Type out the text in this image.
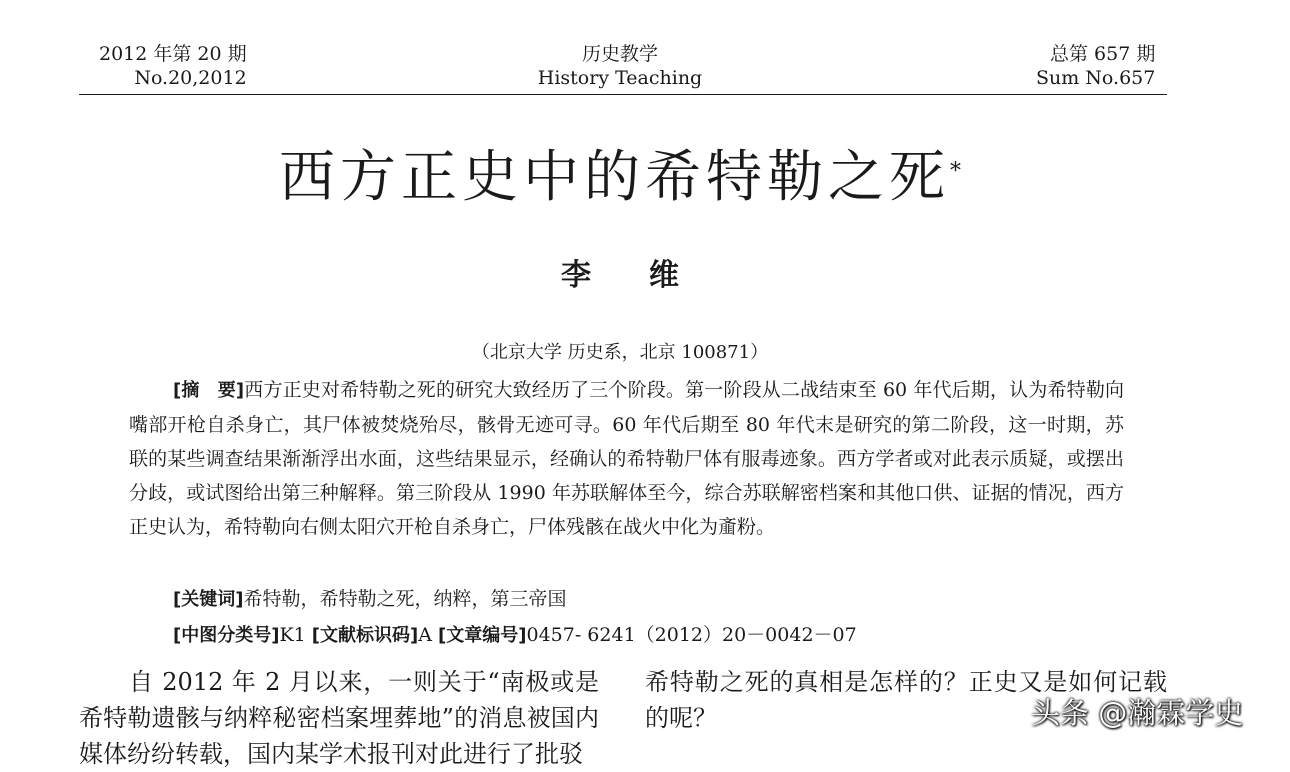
2012 年第 20 期
No.20,2012
历史教学
History Teaching
总第 657 期
Sum No.657
西方正史中的希特勒之死*
李 维
（北京大学 历史系，北京 100871）
[摘　要]西方正史对希特勒之死的研究大致经历了三个阶段。第一阶段从二战结束至 60 年代后期，认为希特勒向嘴部开枪自杀身亡，其尸体被焚烧殆尽，骸骨无迹可寻。60 年代后期至 80 年代末是研究的第二阶段，这一时期，苏联的某些调查结果渐渐浮出水面，这些结果显示，经确认的希特勒尸体有服毒迹象。西方学者或对此表示质疑，或摆出分歧，或试图给出第三种解释。第三阶段从 1990 年苏联解体至今，综合苏联解密档案和其他口供、证据的情况，西方正史认为，希特勒向右侧太阳穴开枪自杀身亡，尸体残骸在战火中化为齑粉。
[关键词]希特勒，希特勒之死，纳粹，第三帝国
[中图分类号]K1 [文献标识码]A [文章编号]0457- 6241（2012）20－0042－07
自 2012 年 2 月以来，一则关于“南极或是希特勒遗骸与纳粹秘密档案埋葬地”的消息被国内媒体纷纷转载，国内某学术报刊对此进行了批驳
希特勒之死的真相是怎样的？正史又是如何记载的呢？	头条 @瀚霖学史
